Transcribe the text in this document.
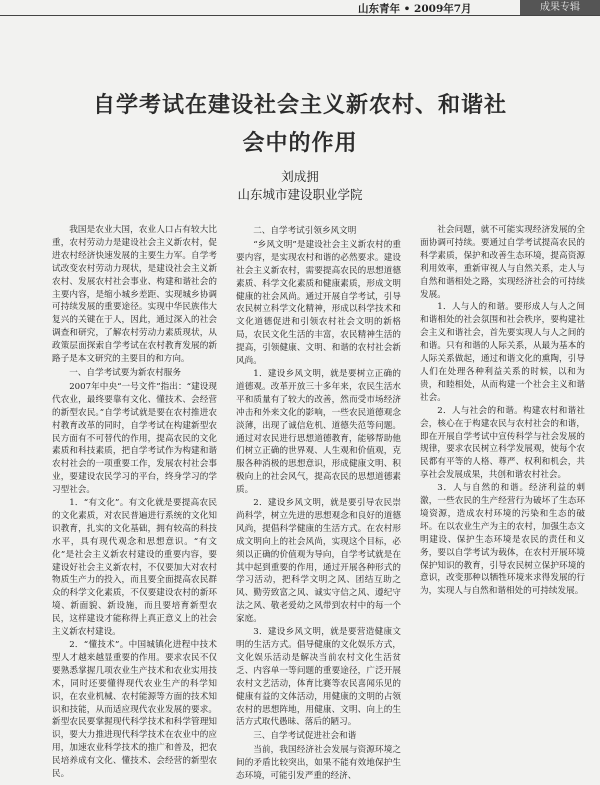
山东青年 • 2009年7月	成果专辑
自学考试在建设社会主义新农村、和谐社
会中的作用
刘成拥
山东城市建设职业学院

我国是农业大国，农业人口占有较大比重，农村劳动力是建设社会主义新农村，促进农村经济快速发展的主要生力军。自学考试改变农村劳动力现状，是建设社会主义新农村、发展农村社会事业、构建和谐社会的主要内容，是缩小城乡差距、实现城乡协调可持续发展的重要途径。实现中华民族伟大复兴的关键在于人，因此，通过深入的社会调查和研究，了解农村劳动力素质现状，从政策层面探索自学考试在农村教育发展的新路子是本文研究的主要目的和方向。

一、自学考试要为新农村服务

2007年中央“一号文件”指出：“建设现代农业，最终要靠有文化、懂技术、会经营的新型农民。”自学考试就是要在农村推进农村教育改革的同时，自学考试在构建新型农民方面有不可替代的作用，提高农民的文化素质和科技素质，把自学考试作为构建和谐农村社会的一项重要工作，发展农村社会事业，要建设农民学习的平台，终身学习的学习型社会。

1．“有文化”。有文化就是要提高农民的文化素质，对农民普遍进行系统的文化知识教育，扎实的文化基础，拥有较高的科技水平，具有现代观念和思想意识。“有文化”是社会主义新农村建设的重要内容，要建设好社会主义新农村，不仅要加大对农村物质生产力的投入，而且要全面提高农民群众的科学文化素质，不仅要建设农村的新环境、新面貌、新设施，而且要培育新型农民，这样建设才能称得上真正意义上的社会主义新农村建设。

2．“懂技术”。中国城镇化进程中技术型人才越来越显重要的作用。要求农民不仅要熟悉掌握几项农业生产技术和农业实用技术，同时还要懂得现代农业生产的科学知识，在农业机械、农村能源等方面的技术知识和技能，从而适应现代农业发展的要求。新型农民要掌握现代科学技术和科学管理知识，要大力推进现代科学技术在农业中的应用，加速农业科学技术的推广和普及，把农民培养成有文化、懂技术、会经营的新型农民。

二、自学考试引领乡风文明

“乡风文明”是建设社会主义新农村的重要内容，是实现农村和谐的必然要求。建设社会主义新农村，需要提高农民的思想道德素质、科学文化素质和健康素质，形成文明健康的社会风尚。通过开展自学考试，引导农民树立科学文化精神，形成以科学技术和文化道德促进和引领农村社会文明的新格局，农民文化生活的丰富，农民精神生活的提高，引领健康、文明、和谐的农村社会新风尚。

1．建设乡风文明，就是要树立正确的道德观。改革开放三十多年来，农民生活水平和质量有了较大的改善，然而受市场经济冲击和外来文化的影响，一些农民道德观念淡薄，出现了诚信危机、道德失范等问题。通过对农民进行思想道德教育，能够帮助他们树立正确的世界观、人生观和价值观，克服各种消极的思想意识，形成健康文明、积极向上的社会风气，提高农民的思想道德素质。

2．建设乡风文明，就是要引导农民崇尚科学，树立先进的思想观念和良好的道德风尚，提倡科学健康的生活方式。在农村形成文明向上的社会风尚，实现这个目标，必须以正确的价值观为导向，自学考试就是在其中起到重要的作用，通过开展各种形式的学习活动，把科学文明之风、团结互助之风、勤劳致富之风、诚实守信之风、遵纪守法之风、敬老爱幼之风带到农村中的每一个家庭。

3．建设乡风文明，就是要营造健康文明的生活方式。倡导健康的文化娱乐方式，文化娱乐活动是解决当前农村文化生活贫乏、内容单一等问题的重要途径，广泛开展农村文艺活动，体育比赛等农民喜闻乐见的健康有益的文体活动，用健康的文明的占领农村的思想阵地，用健康、文明、向上的生活方式取代愚昧、落后的陋习。

三、自学考试促进社会和谐

当前，我国经济社会发展与资源环境之间的矛盾比较突出，如果不能有效地保护生态环境，可能引发严重的经济、

社会问题，就不可能实现经济发展的全面协调可持续。要通过自学考试提高农民的科学素质，保护和改善生态环境，提高资源利用效率，重新审视人与自然关系，走人与自然和谐相处之路，实现经济社会的可持续发展。

1．人与人的和谐。要形成人与人之间和谐相处的社会氛围和社会秩序，要构建社会主义和谐社会，首先要实现人与人之间的和谐。只有和谐的人际关系，从最为基本的人际关系做起，通过和谐文化的熏陶，引导人们在处理各种利益关系的时候，以和为贵，和睦相处，从而构建一个社会主义和谐社会。

2．人与社会的和谐。构建农村和谐社会，核心在于构建农民与农村社会的和谐，即在开展自学考试中宣传科学与社会发展的规律，要求农民树立科学发展观，使每个农民都有平等的人格、尊严、权利和机会，共享社会发展成果，共创和谐农村社会。

3．人与自然的和谐。经济利益的刺激，一些农民的生产经营行为破坏了生态环境资源，造成农村环境的污染和生态的破坏。在以农业生产为主的农村，加强生态文明建设、保护生态环境是农民的责任和义务，要以自学考试为载体，在农村开展环境保护知识的教育，引导农民树立保护环境的意识，改变那种以牺牲环境来求得发展的行为，实现人与自然和谐相处的可持续发展。
